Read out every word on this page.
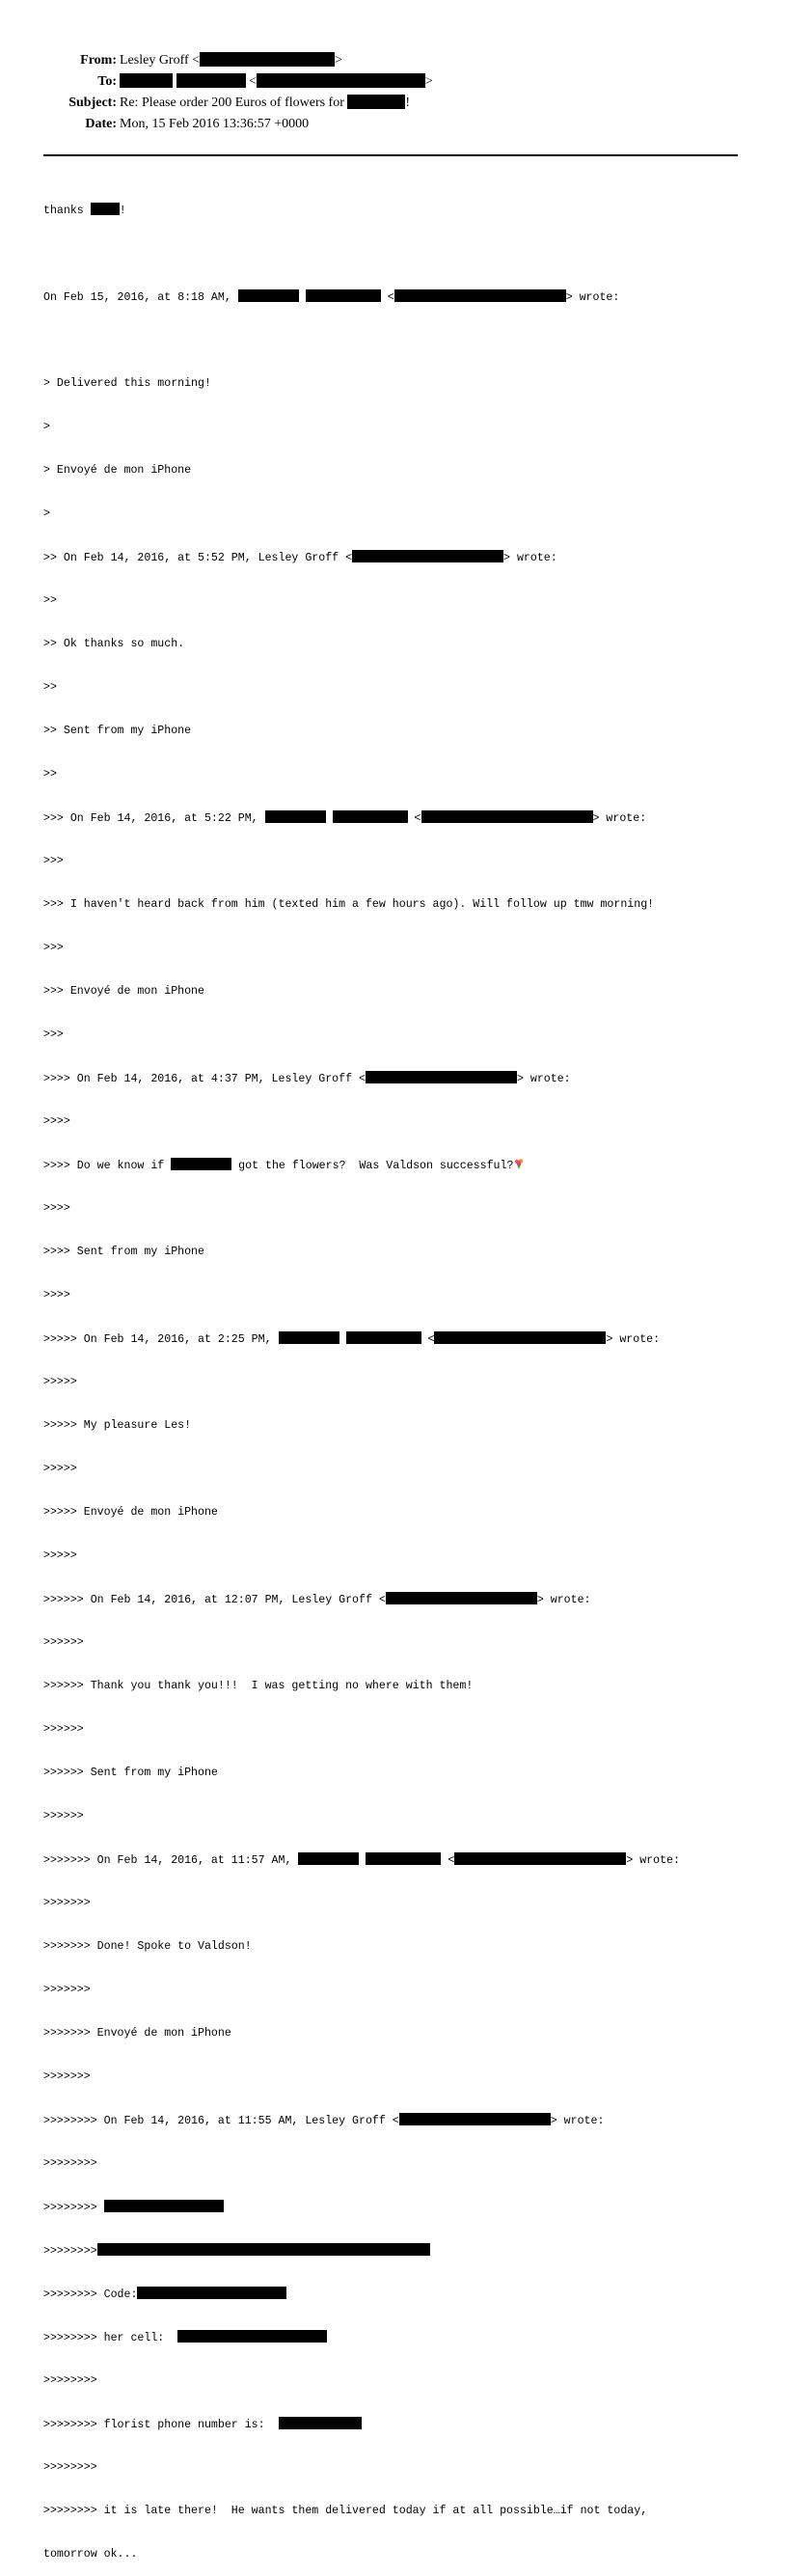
From: Lesley Groff <	>
To:	<	>
Subject: Re: Please order 200 Euros of flowers for	!
Date: Mon, 15 Feb 2016 13:36:57 +0000

thanks	!

On Feb 15, 2016, at 8:18 AM,	<	> wrote:

> Delivered this morning!

>

> Envoyé de mon iPhone

>

>> On Feb 14, 2016, at 5:52 PM, Lesley Groff <	> wrote:

>>

>> Ok thanks so much.

>>

>> Sent from my iPhone

>>

>>> On Feb 14, 2016, at 5:22 PM,	<	> wrote:

>>>

>>> I haven't heard back from him (texted him a few hours ago). Will follow up tmw morning!

>>>

>>> Envoyé de mon iPhone

>>>

>>>> On Feb 14, 2016, at 4:37 PM, Lesley Groff <	> wrote:

>>>>

>>>> Do we know if	got the flowers?  Was Valdson successful?

>>>>

>>>> Sent from my iPhone

>>>>

>>>>> On Feb 14, 2016, at 2:25 PM,	<	> wrote:

>>>>>

>>>>> My pleasure Les!

>>>>>

>>>>> Envoyé de mon iPhone

>>>>>

>>>>>> On Feb 14, 2016, at 12:07 PM, Lesley Groff <	> wrote:

>>>>>>

>>>>>> Thank you thank you!!!  I was getting no where with them!

>>>>>>

>>>>>> Sent from my iPhone

>>>>>>

>>>>>>> On Feb 14, 2016, at 11:57 AM,	<	> wrote:

>>>>>>>

>>>>>>> Done! Spoke to Valdson!

>>>>>>>

>>>>>>> Envoyé de mon iPhone

>>>>>>>

>>>>>>>> On Feb 14, 2016, at 11:55 AM, Lesley Groff <	> wrote:

>>>>>>>>

>>>>>>>>

>>>>>>>>

>>>>>>>> Code:

>>>>>>>> her cell:

>>>>>>>>

>>>>>>>> florist phone number is:

>>>>>>>>

>>>>>>>> it is late there!  He wants them delivered today if at all possible…if not today,

tomorrow ok...
